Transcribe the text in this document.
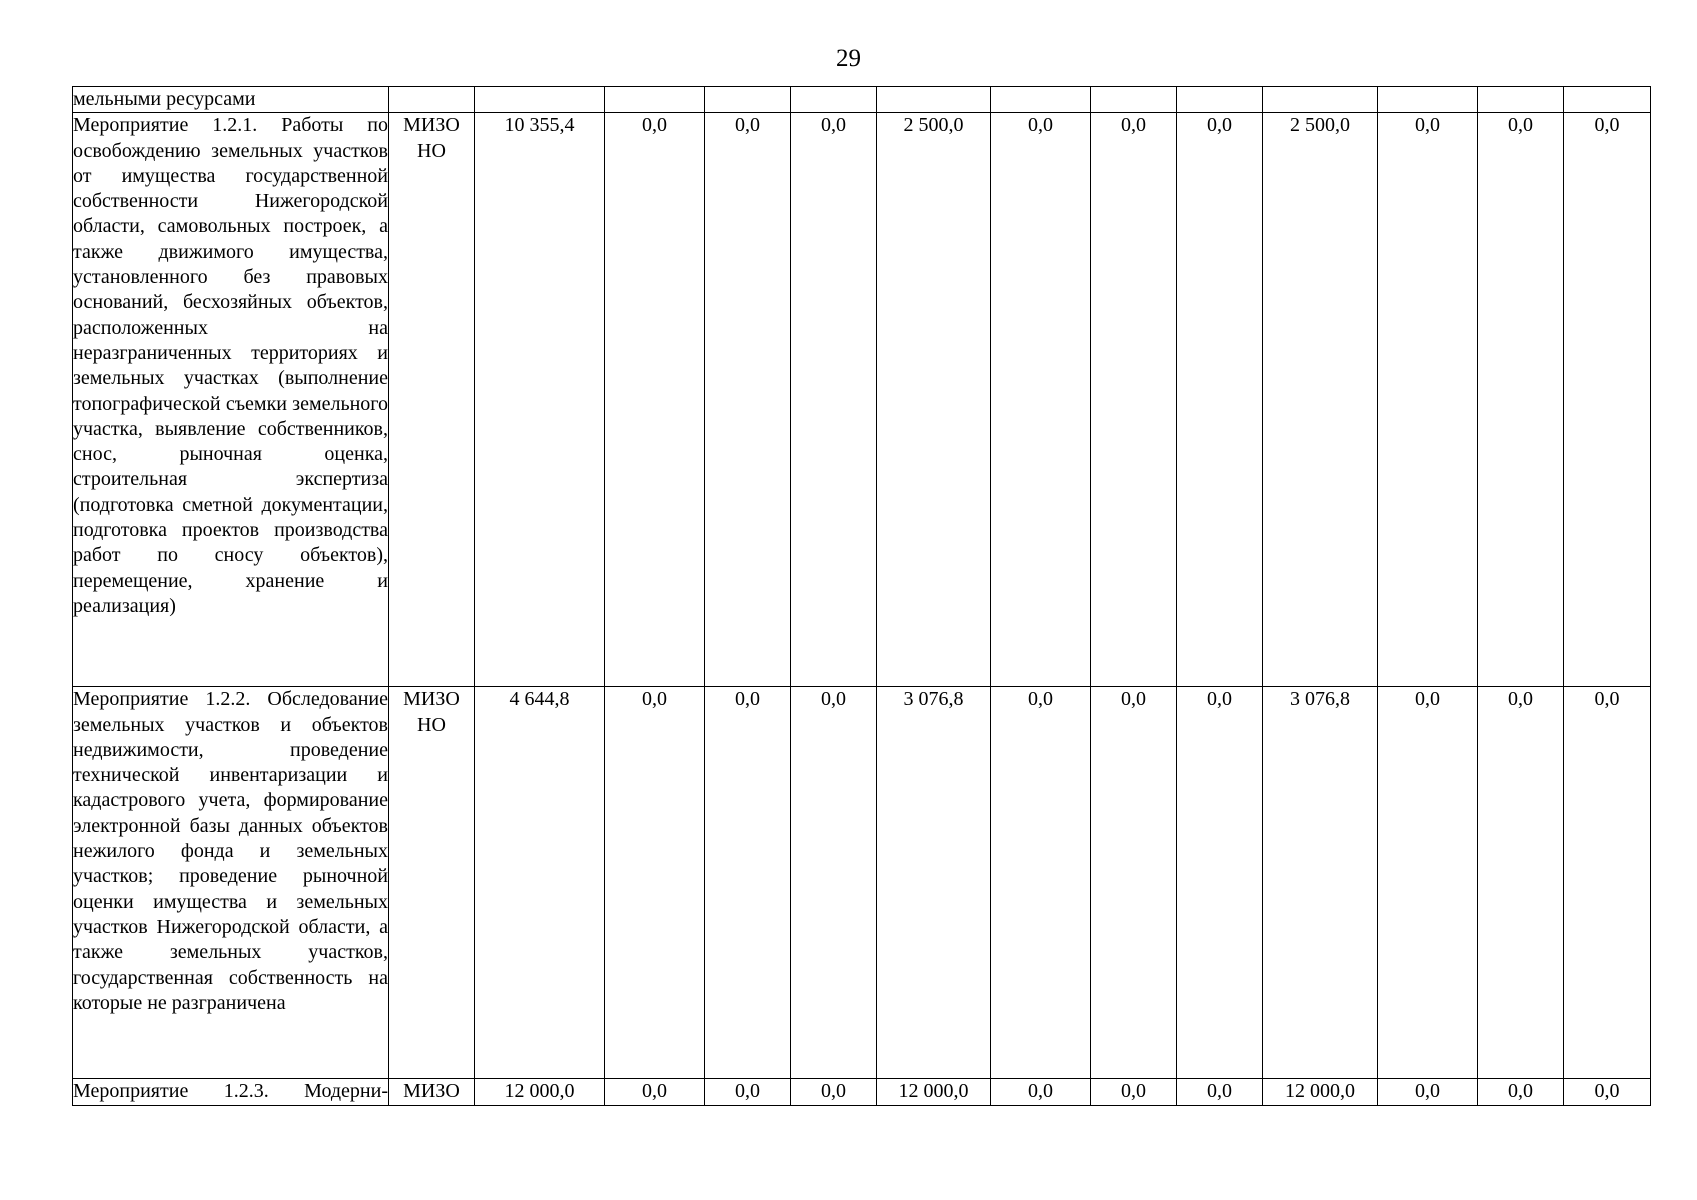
29
мельными ресурсами													
Мероприятие 1.2.1. Работы по освобождению земельных участков от имущества государственной собственности Нижегородской области, самовольных построек, а также движимого имущества, установленного без правовых оснований, бесхозяйных объектов, расположенных на неразграниченных территориях и земельных участках (выполнение топографической съемки земельного участка, выявление собственников, снос, рыночная оценка, строительная экспертиза (подготовка сметной документации, подготовка проектов производства работ по сносу объектов), перемещение, хранение и реализация)	МИЗО НО	10 355,4	0,0	0,0	0,0	2 500,0	0,0	0,0	0,0	2 500,0	0,0	0,0	0,0
Мероприятие 1.2.2. Обследование земельных участков и объектов недвижимости, проведение технической инвентаризации и кадастрового учета, формирование электронной базы данных объектов нежилого фонда и земельных участков; проведение рыночной оценки имущества и земельных участков Нижегородской области, а также земельных участков, государственная собственность на которые не разграничена	МИЗО НО	4 644,8	0,0	0,0	0,0	3 076,8	0,0	0,0	0,0	3 076,8	0,0	0,0	0,0
Мероприятие 1.2.3. Модерни-	МИЗО	12 000,0	0,0	0,0	0,0	12 000,0	0,0	0,0	0,0	12 000,0	0,0	0,0	0,0
